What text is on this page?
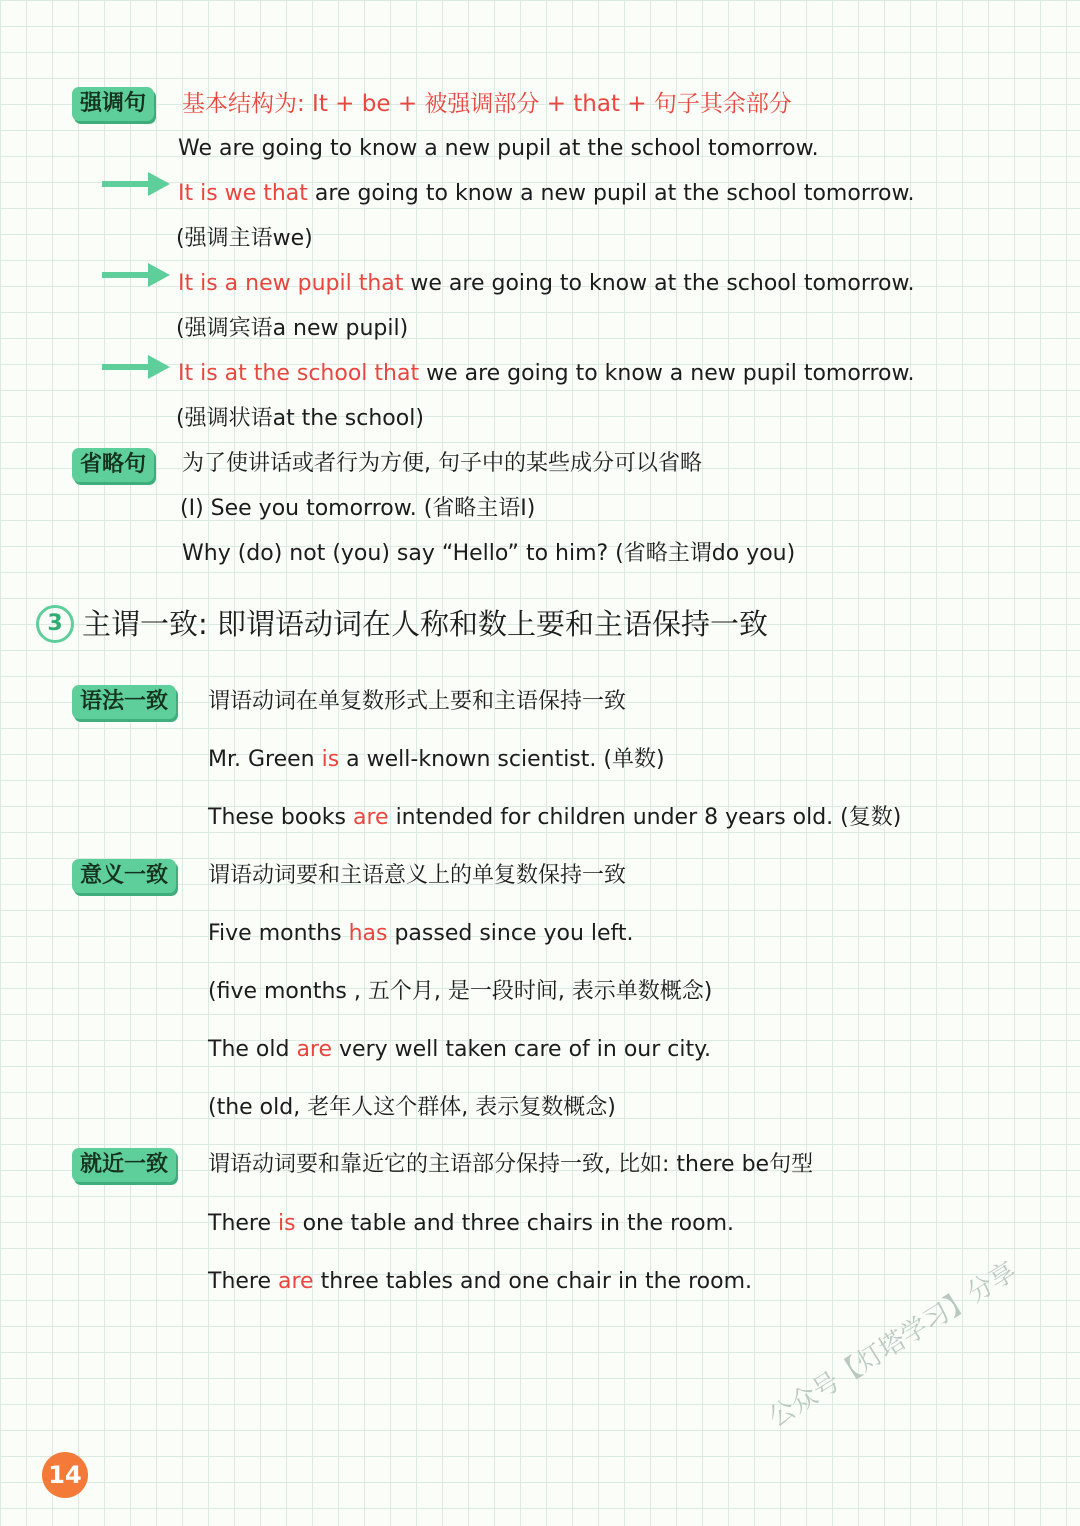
强调句	基本结构为: It + be + 被强调部分 + that + 句子其余部分
We are going to know a new pupil at the school tomorrow.
It is we that are going to know a new pupil at the school tomorrow.
(强调主语we)
It is a new pupil that we are going to know at the school tomorrow.
(强调宾语a new pupil)
It is at the school that we are going to know a new pupil tomorrow.
(强调状语at the school)
省略句	为了使讲话或者行为方便, 句子中的某些成分可以省略
(I) See you tomorrow. (省略主语I)
Why (do) not (you) say “Hello” to him? (省略主谓do you)
3 主谓一致: 即谓语动词在人称和数上要和主语保持一致
语法一致	谓语动词在单复数形式上要和主语保持一致
Mr. Green is a well-known scientist. (单数)
These books are intended for children under 8 years old. (复数)
意义一致	谓语动词要和主语意义上的单复数保持一致
Five months has passed since you left.
(five months , 五个月, 是一段时间, 表示单数概念)
The old are very well taken care of in our city.
(the old, 老年人这个群体, 表示复数概念)
就近一致	谓语动词要和靠近它的主语部分保持一致, 比如: there be句型
There is one table and three chairs in the room.
There are three tables and one chair in the room.
14
公众号【灯塔学习】分享
